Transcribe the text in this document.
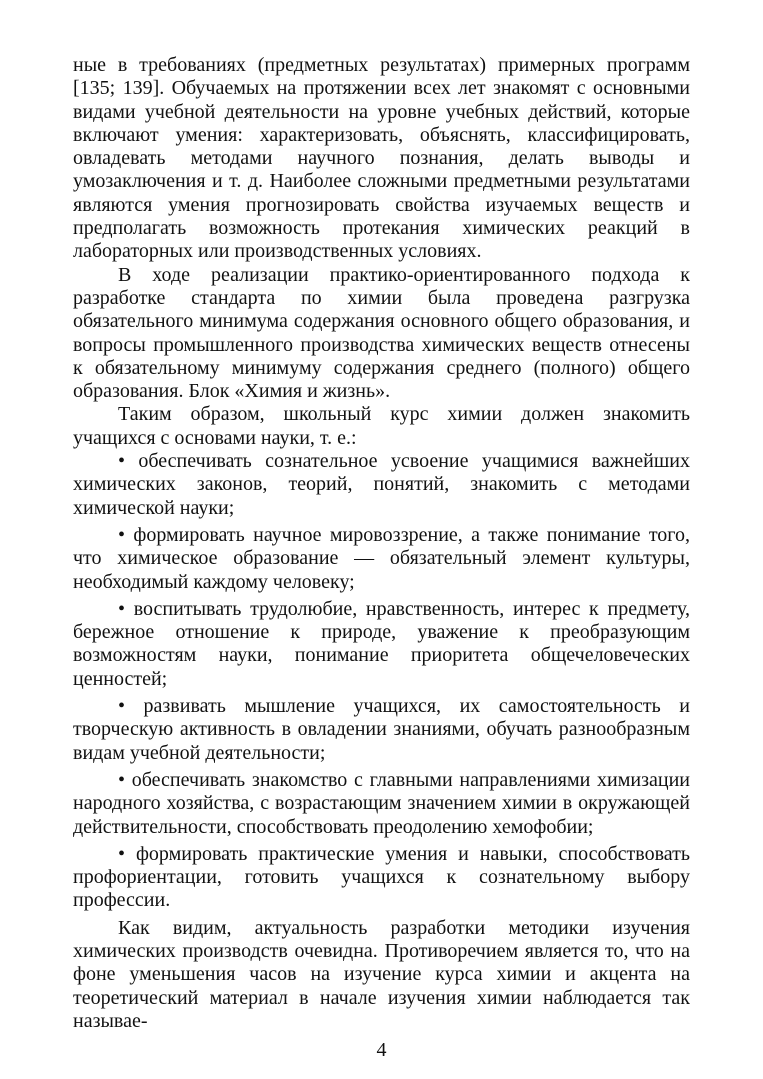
ные в требованиях (предметных результатах) примерных программ [135; 139]. Обучаемых на протяжении всех лет знакомят с основными видами учебной деятельности на уровне учебных действий, которые включают умения: характеризовать, объяснять, классифицировать, овладевать методами научного познания, делать выводы и умозаключения и т. д. Наиболее сложными предметными результатами являются умения прогнозировать свойства изучаемых веществ и предполагать возможность протекания химических реакций в лабораторных или производственных условиях.

В ходе реализации практико-ориентированного подхода к разработке стандарта по химии была проведена разгрузка обязательного минимума содержания основного общего образования, и вопросы промышленного производства химических веществ отнесены к обязательному минимуму содержания среднего (полного) общего образования. Блок «Химия и жизнь».

Таким образом, школьный курс химии должен знакомить учащихся с основами науки, т. е.:

• обеспечивать сознательное усвоение учащимися важнейших химических законов, теорий, понятий, знакомить с методами химической науки;
• формировать научное мировоззрение, а также понимание того, что химическое образование — обязательный элемент культуры, необходимый каждому человеку;
• воспитывать трудолюбие, нравственность, интерес к предмету, бережное отношение к природе, уважение к преобразующим возможностям науки, понимание приоритета общечеловеческих ценностей;
• развивать мышление учащихся, их самостоятельность и творческую активность в овладении знаниями, обучать разнообразным видам учебной деятельности;
• обеспечивать знакомство с главными направлениями химизации народного хозяйства, с возрастающим значением химии в окружающей действительности, способствовать преодолению хемофобии;
• формировать практические умения и навыки, способствовать профориентации, готовить учащихся к сознательному выбору профессии.

Как видим, актуальность разработки методики изучения химических производств очевидна. Противоречием является то, что на фоне уменьшения часов на изучение курса химии и акцента на теоретический материал в начале изучения химии наблюдается так называе-

4
